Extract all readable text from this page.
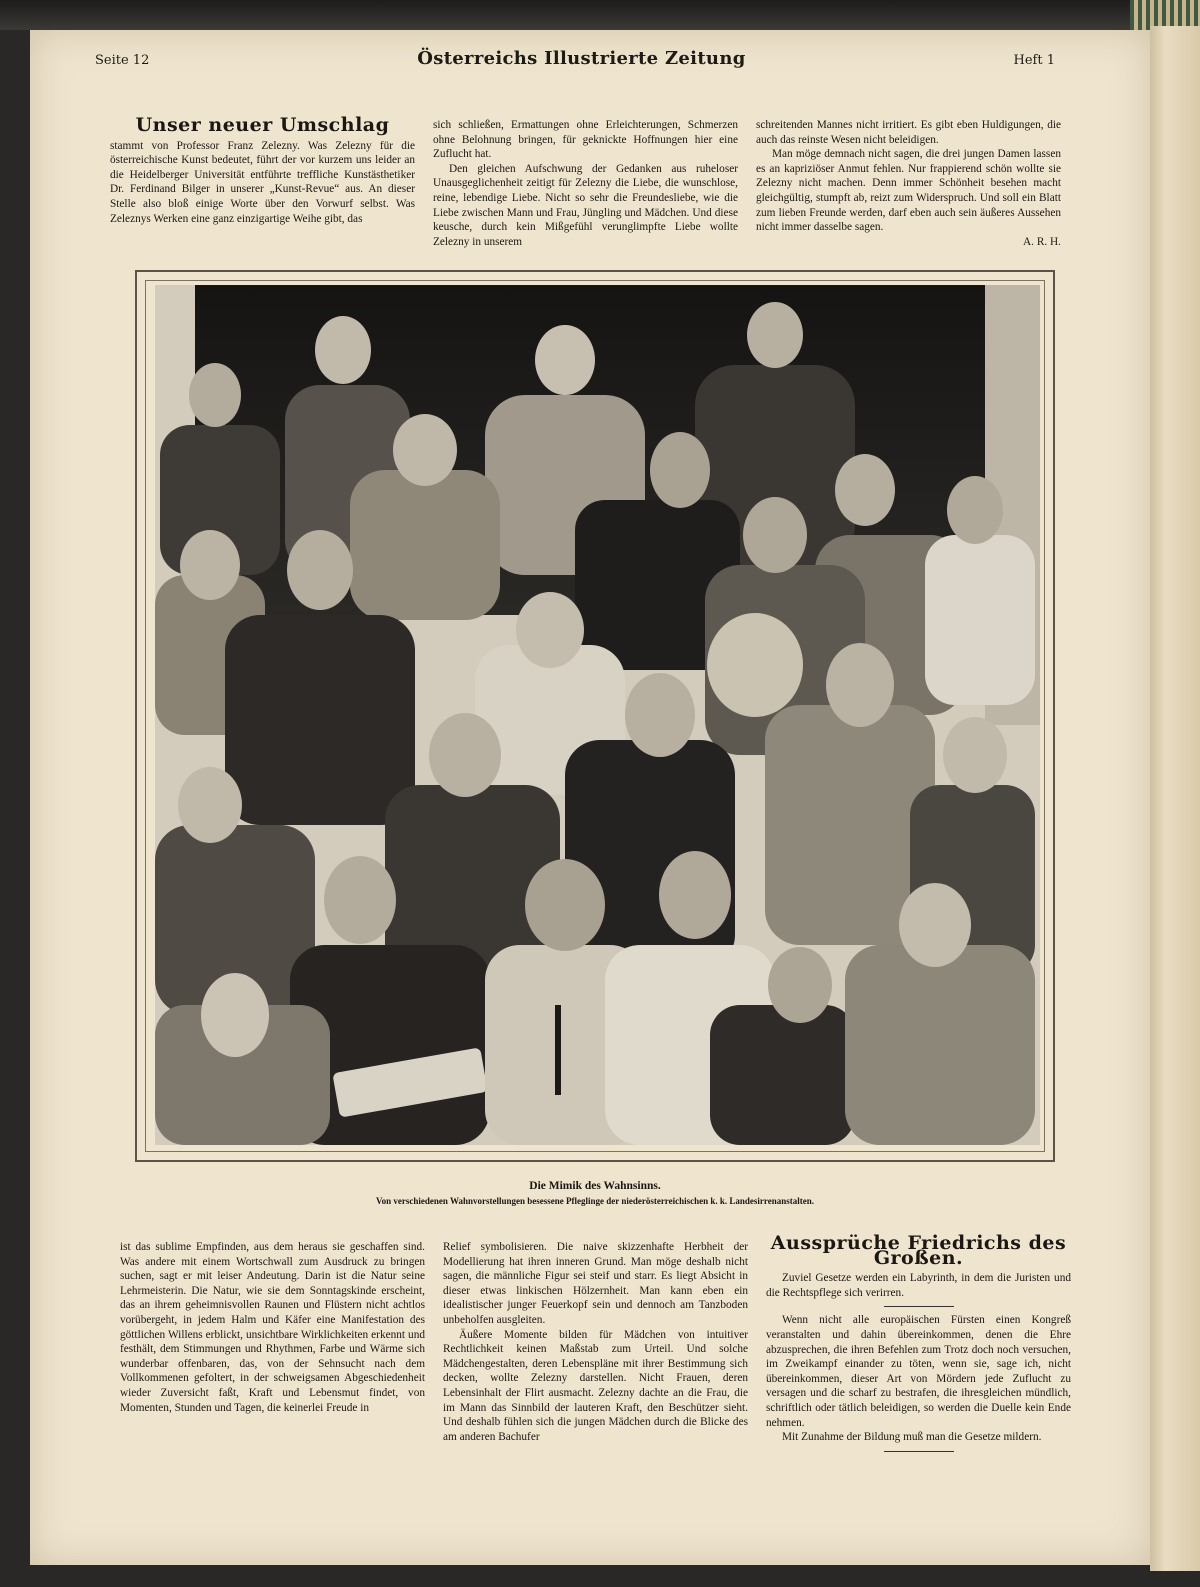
Seite 12	Österreichs Illustrierte Zeitung	Heft 1
Unser neuer Umschlag

stammt von Professor Franz Zelezny. Was Zelezny für die österreichische Kunst bedeutet, führt der vor kurzem uns leider an die Heidelberger Universität entführte treffliche Kunstästhetiker Dr. Ferdinand Bilger in unserer „Kunst-Revue“ aus. An dieser Stelle also bloß einige Worte über den Vorwurf selbst. Was Zeleznys Werken eine ganz einzigartige Weihe gibt, das

sich schließen, Ermattungen ohne Erleichterungen, Schmerzen ohne Belohnung bringen, für geknickte Hoffnungen hier eine Zuflucht hat.

Den gleichen Aufschwung der Gedanken aus ruheloser Unausgeglichenheit zeitigt für Zelezny die Liebe, die wunschlose, reine, lebendige Liebe. Nicht so sehr die Freundesliebe, wie die Liebe zwischen Mann und Frau, Jüngling und Mädchen. Und diese keusche, durch kein Mißgefühl verunglimpfte Liebe wollte Zelezny in unserem

schreitenden Mannes nicht irritiert. Es gibt eben Huldigungen, die auch das reinste Wesen nicht beleidigen.

Man möge demnach nicht sagen, die drei jungen Damen lassen es an kapriziöser Anmut fehlen. Nur frappierend schön wollte sie Zelezny nicht machen. Denn immer Schönheit besehen macht gleichgültig, stumpft ab, reizt zum Widerspruch. Und soll ein Blatt zum lieben Freunde werden, darf eben auch sein äußeres Aussehen nicht immer dasselbe sagen.

A. R. H.

Die Mimik des Wahnsinns.
Von verschiedenen Wahnvorstellungen besessene Pfleglinge der niederösterreichischen k. k. Landesirrenanstalten.

ist das sublime Empfinden, aus dem heraus sie geschaffen sind. Was andere mit einem Wortschwall zum Ausdruck zu bringen suchen, sagt er mit leiser Andeutung. Darin ist die Natur seine Lehrmeisterin. Die Natur, wie sie dem Sonntagskinde erscheint, das an ihrem geheimnisvollen Raunen und Flüstern nicht achtlos vorübergeht, in jedem Halm und Käfer eine Manifestation des göttlichen Willens erblickt, unsichtbare Wirklichkeiten erkennt und festhält, dem Stimmungen und Rhythmen, Farbe und Wärme sich wunderbar offenbaren, das, von der Sehnsucht nach dem Vollkommenen gefoltert, in der schweigsamen Abgeschiedenheit wieder Zuversicht faßt, Kraft und Lebensmut findet, von Momenten, Stunden und Tagen, die keinerlei Freude in

Relief symbolisieren. Die naive skizzenhafte Herbheit der Modellierung hat ihren inneren Grund. Man möge deshalb nicht sagen, die männliche Figur sei steif und starr. Es liegt Absicht in dieser etwas linkischen Hölzernheit. Man kann eben ein idealistischer junger Feuerkopf sein und dennoch am Tanzboden unbeholfen ausgleiten.

Äußere Momente bilden für Mädchen von intuitiver Rechtlichkeit keinen Maßstab zum Urteil. Und solche Mädchengestalten, deren Lebenspläne mit ihrer Bestimmung sich decken, wollte Zelezny darstellen. Nicht Frauen, deren Lebensinhalt der Flirt ausmacht. Zelezny dachte an die Frau, die im Mann das Sinnbild der lauteren Kraft, den Beschützer sieht. Und deshalb fühlen sich die jungen Mädchen durch die Blicke des am anderen Bachufer

Aussprüche Friedrichs des Großen.

Zuviel Gesetze werden ein Labyrinth, in dem die Juristen und die Rechtspflege sich verirren.

Wenn nicht alle europäischen Fürsten einen Kongreß veranstalten und dahin übereinkommen, denen die Ehre abzusprechen, die ihren Befehlen zum Trotz doch noch versuchen, im Zweikampf einander zu töten, wenn sie, sage ich, nicht übereinkommen, dieser Art von Mördern jede Zuflucht zu versagen und die scharf zu bestrafen, die ihresgleichen mündlich, schriftlich oder tätlich beleidigen, so werden die Duelle kein Ende nehmen.

Mit Zunahme der Bildung muß man die Gesetze mildern.
